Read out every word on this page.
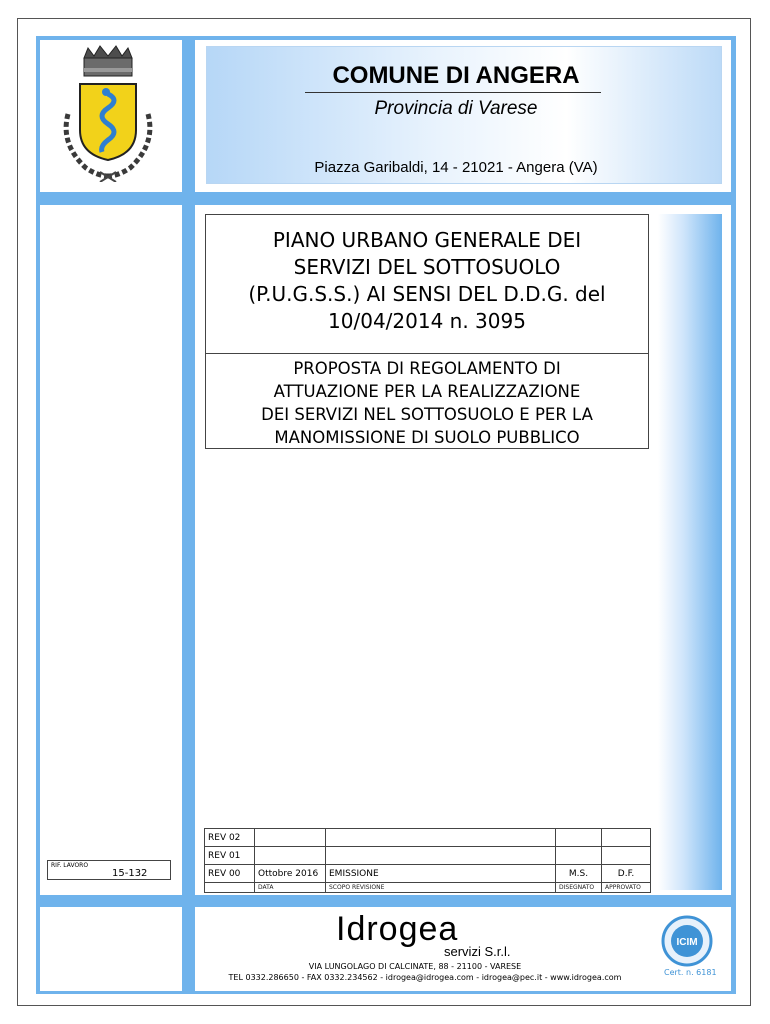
COMUNE DI ANGERA
Provincia di Varese
Piazza Garibaldi, 14 - 21021 - Angera (VA)
PIANO URBANO GENERALE DEI
SERVIZI DEL SOTTOSUOLO
(P.U.G.S.S.) AI SENSI DEL D.D.G. del
10/04/2014 n. 3095
PROPOSTA DI REGOLAMENTO DI
ATTUAZIONE PER LA REALIZZAZIONE
DEI SERVIZI NEL SOTTOSUOLO E PER LA
MANOMISSIONE DI SUOLO PUBBLICO
RIF. LAVORO
15-132
REV 02				
REV 01				
REV 00	Ottobre 2016	EMISSIONE	M.S.	D.F.
	DATA	SCOPO REVISIONE	DISEGNATO	APPROVATO
Idrogea
servizi S.r.l.
VIA LUNGOLAGO DI CALCINATE, 88 - 21100 - VARESE
TEL 0332.286650 - FAX 0332.234562 - idrogea@idrogea.com - idrogea@pec.it - www.idrogea.com
ICIM
Cert. n. 6181
